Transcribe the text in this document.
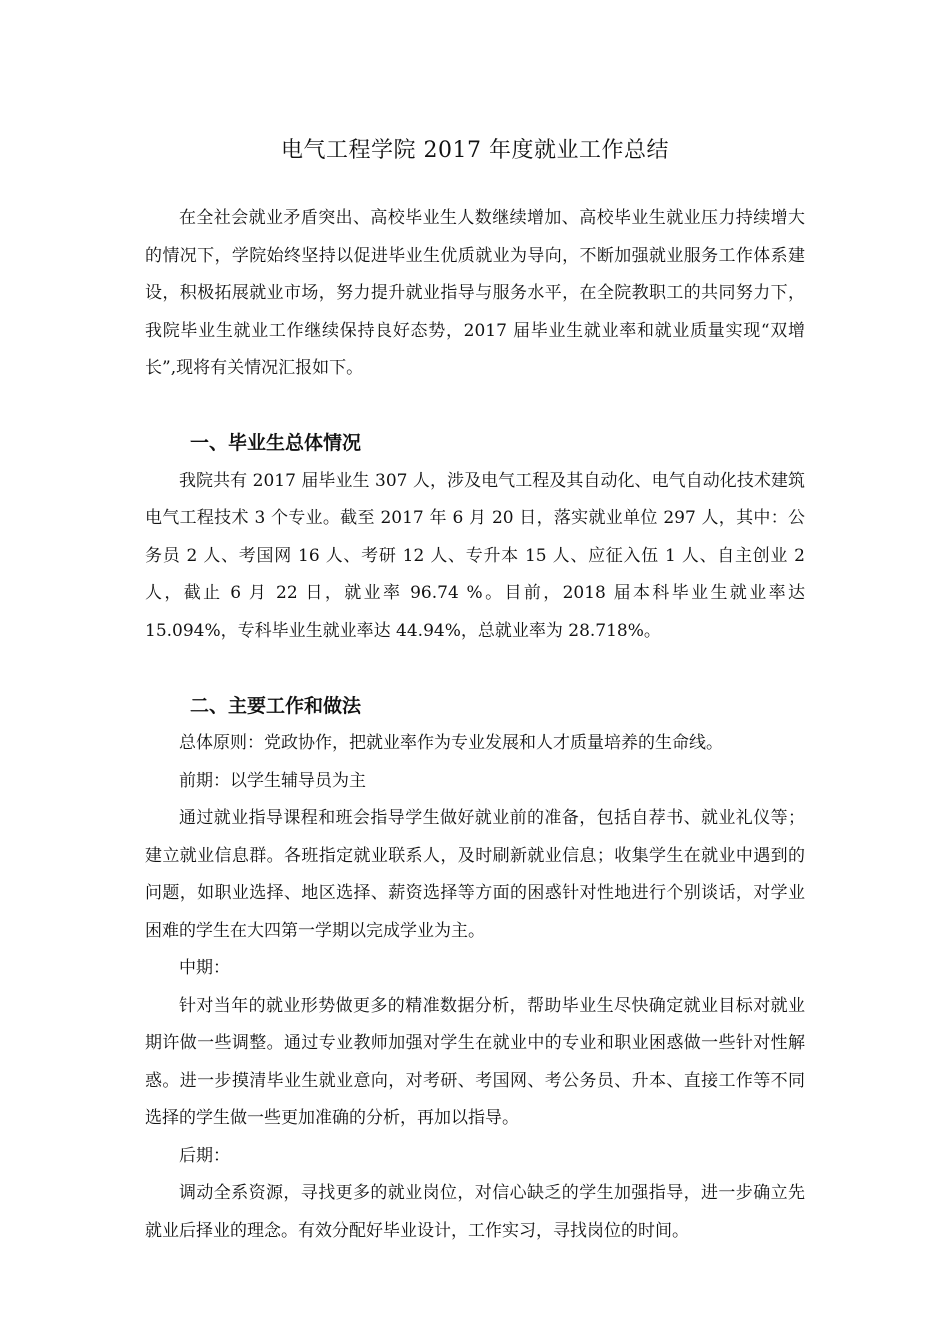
电气工程学院 2017 年度就业工作总结

在全社会就业矛盾突出、高校毕业生人数继续增加、高校毕业生就业压力持续增大的情况下，学院始终坚持以促进毕业生优质就业为导向，不断加强就业服务工作体系建设，积极拓展就业市场，努力提升就业指导与服务水平，在全院教职工的共同努力下，我院毕业生就业工作继续保持良好态势，2017 届毕业生就业率和就业质量实现“双增长”,现将有关情况汇报如下。

一、毕业生总体情况

我院共有 2017 届毕业生 307 人，涉及电气工程及其自动化、电气自动化技术建筑电气工程技术 3 个专业。截至 2017 年 6 月 20 日，落实就业单位 297 人，其中：公务员 2 人、考国网 16 人、考研 12 人、专升本 15 人、应征入伍 1 人、自主创业 2 人，截止 6 月 22 日，就业率 96.74 %。目前，2018 届本科毕业生就业率达 15.094%，专科毕业生就业率达 44.94%，总就业率为 28.718%。

二、主要工作和做法

总体原则：党政协作，把就业率作为专业发展和人才质量培养的生命线。

前期：以学生辅导员为主

通过就业指导课程和班会指导学生做好就业前的准备，包括自荐书、就业礼仪等；建立就业信息群。各班指定就业联系人，及时刷新就业信息；收集学生在就业中遇到的问题，如职业选择、地区选择、薪资选择等方面的困惑针对性地进行个别谈话，对学业困难的学生在大四第一学期以完成学业为主。

中期：

针对当年的就业形势做更多的精准数据分析，帮助毕业生尽快确定就业目标对就业期许做一些调整。通过专业教师加强对学生在就业中的专业和职业困惑做一些针对性解惑。进一步摸清毕业生就业意向，对考研、考国网、考公务员、升本、直接工作等不同选择的学生做一些更加准确的分析，再加以指导。

后期：

调动全系资源，寻找更多的就业岗位，对信心缺乏的学生加强指导，进一步确立先就业后择业的理念。有效分配好毕业设计，工作实习，寻找岗位的时间。
